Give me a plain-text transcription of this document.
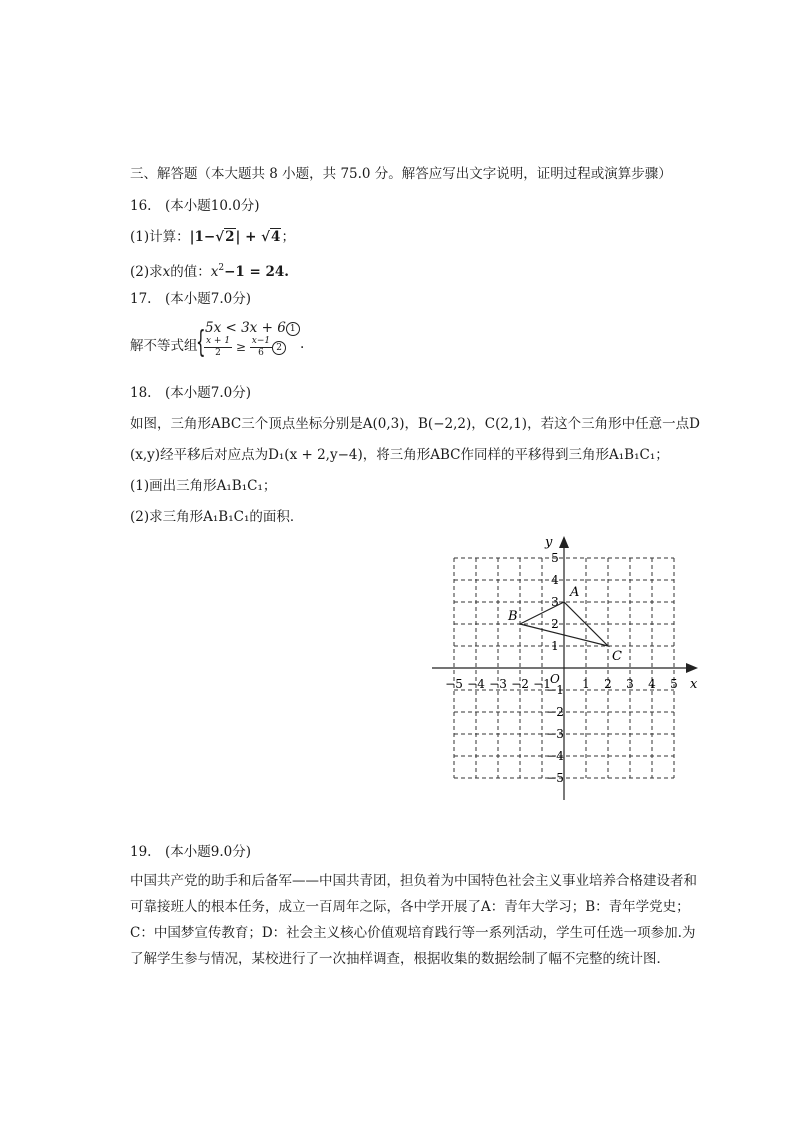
三、解答题（本大题共 8 小题，共 75.0 分。解答应写出文字说明，证明过程或演算步骤）
16.　(本小题10.0分)
(1)计算：|1−√2| + √4；
(2)求x的值：$x^2-1 = 24$.
17.　(本小题7.0分)
解不等式组
{ 5x < 3x + 6 1
$\frac{x + 1}{2} \ge \frac{x-1}{6} 2$	.
18.　(本小题7.0分)
如图，三角形ABC三个顶点坐标分别是A(0,3)，B(−2,2)，C(2,1)，若这个三角形中任意一点D
(x,y)经平移后对应点为D₁(x + 2,y−4)，将三角形ABC作同样的平移得到三角形A₁B₁C₁；
(1)画出三角形A₁B₁C₁；
(2)求三角形A₁B₁C₁的面积．
x
y
O
−5 −4 −3 −2 −1	1 2 3 4 5
5
4
3
2
1
−1
−2
−3
−4
−5
A
B
C
19.　(本小题9.0分)
中国共产党的助手和后备军——中国共青团，担负着为中国特色社会主义事业培养合格建设者和可靠接班人的根本任务，成立一百周年之际，各中学开展了A：青年大学习；B：青年学党史；C：中国梦宣传教育；D：社会主义核心价值观培育践行等一系列活动，学生可任选一项参加.为了解学生参与情况，某校进行了一次抽样调查，根据收集的数据绘制了幅不完整的统计图．
